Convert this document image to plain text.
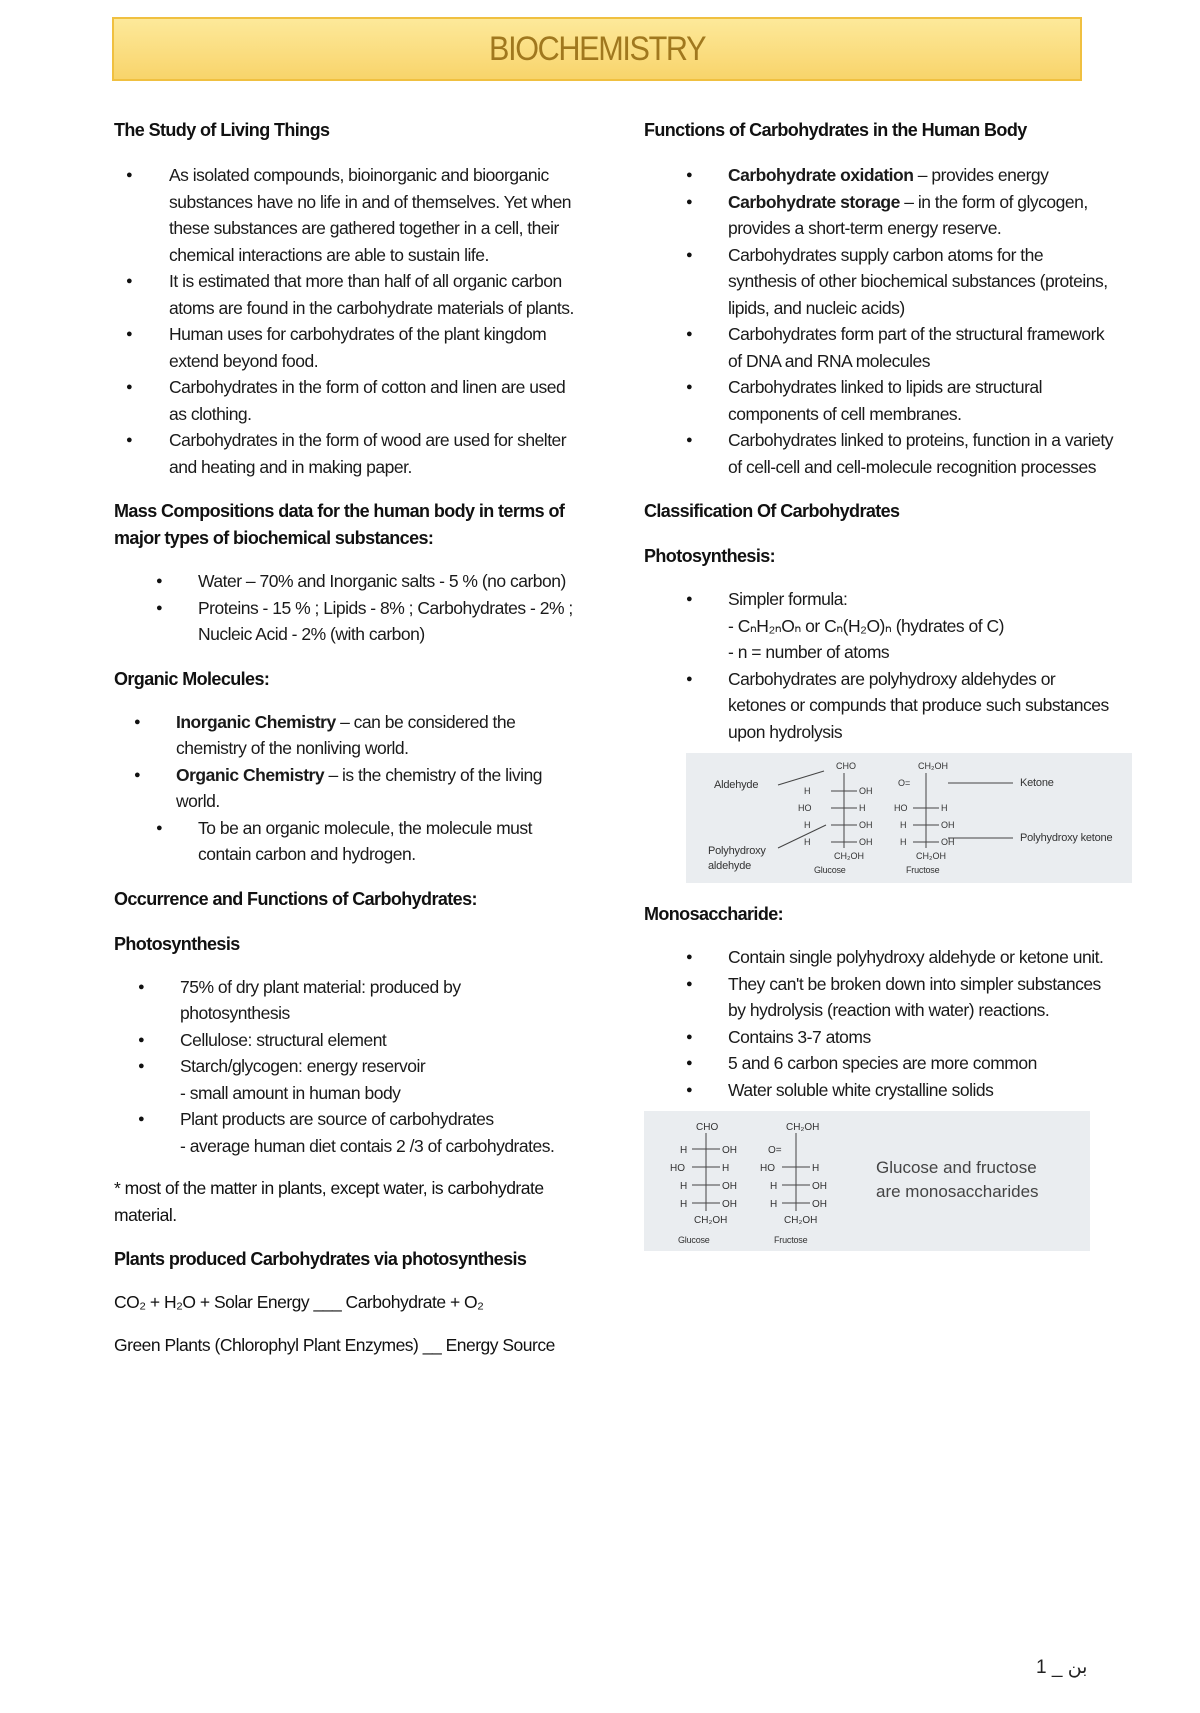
BIOCHEMISTRY
The Study of Living Things
● As isolated compounds, bioinorganic and bioorganic substances have no life in and of themselves. Yet when these substances are gathered together in a cell, their chemical interactions are able to sustain life.
● It is estimated that more than half of all organic carbon atoms are found in the carbohydrate materials of plants.
● Human uses for carbohydrates of the plant kingdom extend beyond food.
● Carbohydrates in the form of cotton and linen are used as clothing.
● Carbohydrates in the form of wood are used for shelter and heating and in making paper.
Mass Compositions data for the human body in terms of major types of biochemical substances:
● Water – 70% and Inorganic salts - 5 % (no carbon)
● Proteins - 15 % ; Lipids - 8% ; Carbohydrates - 2% ; Nucleic Acid - 2% (with carbon)
Organic Molecules:
● Inorganic Chemistry – can be considered the chemistry of the nonliving world.
● Organic Chemistry – is the chemistry of the living world.
● To be an organic molecule, the molecule must contain carbon and hydrogen.
Occurrence and Functions of Carbohydrates:
Photosynthesis
● 75% of dry plant material: produced by photosynthesis
● Cellulose: structural element
● Starch/glycogen: energy reservoir
- small amount in human body
● Plant products are source of carbohydrates
- average human diet contais 2 /3 of carbohydrates.

* most of the matter in plants, except water, is carbohydrate material.

Plants produced Carbohydrates via photosynthesis

CO₂ + H₂O + Solar Energy ___ Carbohydrate + O₂

Green Plants (Chlorophyl Plant Enzymes) __ Energy Source

Functions of Carbohydrates in the Human Body
● Carbohydrate oxidation – provides energy
● Carbohydrate storage – in the form of glycogen, provides a short-term energy reserve.
● Carbohydrates supply carbon atoms for the synthesis of other biochemical substances (proteins, lipids, and nucleic acids)
● Carbohydrates form part of the structural framework of DNA and RNA molecules
● Carbohydrates linked to lipids are structural components of cell membranes.
● Carbohydrates linked to proteins, function in a variety of cell-cell and cell-molecule recognition processes
Classification Of Carbohydrates
Photosynthesis:
● Simpler formula:
- CₙH₂ₙOₙ or Cₙ(H₂O)ₙ (hydrates of C)
- n = number of atoms
● Carbohydrates are polyhydroxy aldehydes or ketones or compunds that produce such substances upon hydrolysis
CHO
H	OH
HO	H
H	OH
H	OH
CH₂OH
CH₂OH
O=
HO	H
H	OH
H	OH
CH₂OH
Aldehyde
Polyhydroxy
aldehyde	Glucose	Fructose
Ketone
Polyhydroxy ketone
Monosaccharide:
● Contain single polyhydroxy aldehyde or ketone unit.
● They can't be broken down into simpler substances by hydrolysis (reaction with water) reactions.
● Contains 3-7 atoms
● 5 and 6 carbon species are more common
● Water soluble white crystalline solids
CHO
H	OH
HO	H
H	OH
H	OH
CH₂OH
CH₂OH
O=
HO	H
H	OH
H	OH
CH₂OH
Glucose	Fructose
Glucose and fructose
are monosaccharides
1 _ بن
